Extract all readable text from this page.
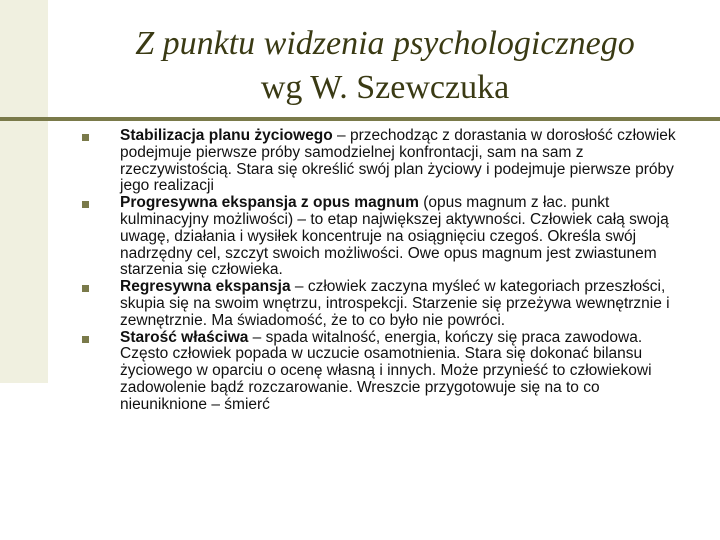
Z punktu widzenia psychologicznego
wg W. Szewczuka
Stabilizacja planu życiowego – przechodząc z dorastania w dorosłość człowiek podejmuje pierwsze próby samodzielnej konfrontacji, sam na sam z rzeczywistością. Stara się określić swój plan życiowy i podejmuje pierwsze próby jego realizacji
Progresywna ekspansja z opus magnum (opus magnum z łac. punkt kulminacyjny możliwości) – to etap największej aktywności. Człowiek całą swoją uwagę, działania i wysiłek koncentruje na osiągnięciu czegoś. Określa swój nadrzędny cel, szczyt swoich możliwości. Owe opus magnum jest zwiastunem starzenia się człowieka.
Regresywna ekspansja – człowiek zaczyna myśleć w kategoriach przeszłości, skupia się na swoim wnętrzu, introspekcji. Starzenie się przeżywa wewnętrznie i zewnętrznie. Ma świadomość, że to co było nie powróci.
Starość właściwa – spada witalność, energia, kończy się praca zawodowa. Często człowiek popada w uczucie osamotnienia. Stara się dokonać bilansu życiowego w oparciu o ocenę własną i innych. Może przynieść to człowiekowi zadowolenie bądź rozczarowanie. Wreszcie przygotowuje się na to co nieuniknione – śmierć
